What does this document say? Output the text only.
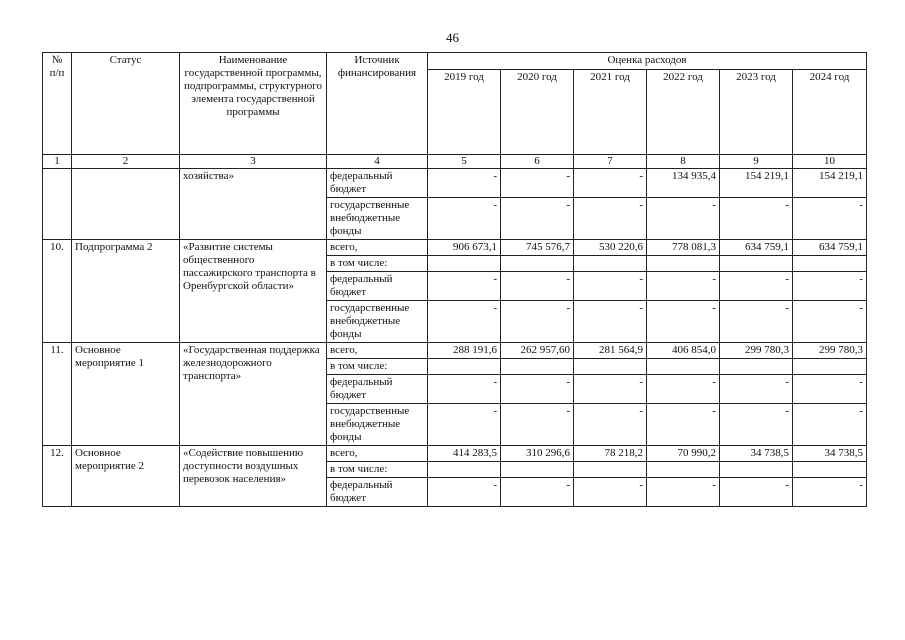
46
№ п/п	Статус	Наименование государственной программы, подпрограммы, структурного элемента государственной программы	Источник финансирования	Оценка расходов					
				2019 год	2020 год	2021 год	2022 год	2023 год	2024 год
1	2	3	4	5	6	7	8	9	10
		хозяйства»	федеральный бюджет	-	-	-	134 935,4	154 219,1	154 219,1
			государственные внебюджетные фонды	-	-	-	-	-	-
10.	Подпрограмма 2	«Развитие системы общественного пассажирского транспорта в Оренбургской области»	всего,	906 673,1	745 576,7	530 220,6	778 081,3	634 759,1	634 759,1
			в том числе:						
			федеральный бюджет	-	-	-	-	-	-
			государственные внебюджетные фонды	-	-	-	-	-	-
11.	Основное мероприятие 1	«Государственная поддержка железнодорожного транспорта»	всего,	288 191,6	262 957,60	281 564,9	406 854,0	299 780,3	299 780,3
			в том числе:						
			федеральный бюджет	-	-	-	-	-	-
			государственные внебюджетные фонды	-	-	-	-	-	-
12.	Основное мероприятие 2	«Содействие повышению доступности воздушных перевозок населения»	всего,	414 283,5	310 296,6	78 218,2	70 990,2	34 738,5	34 738,5
			в том числе:						
			федеральный бюджет	-	-	-	-	-	-
